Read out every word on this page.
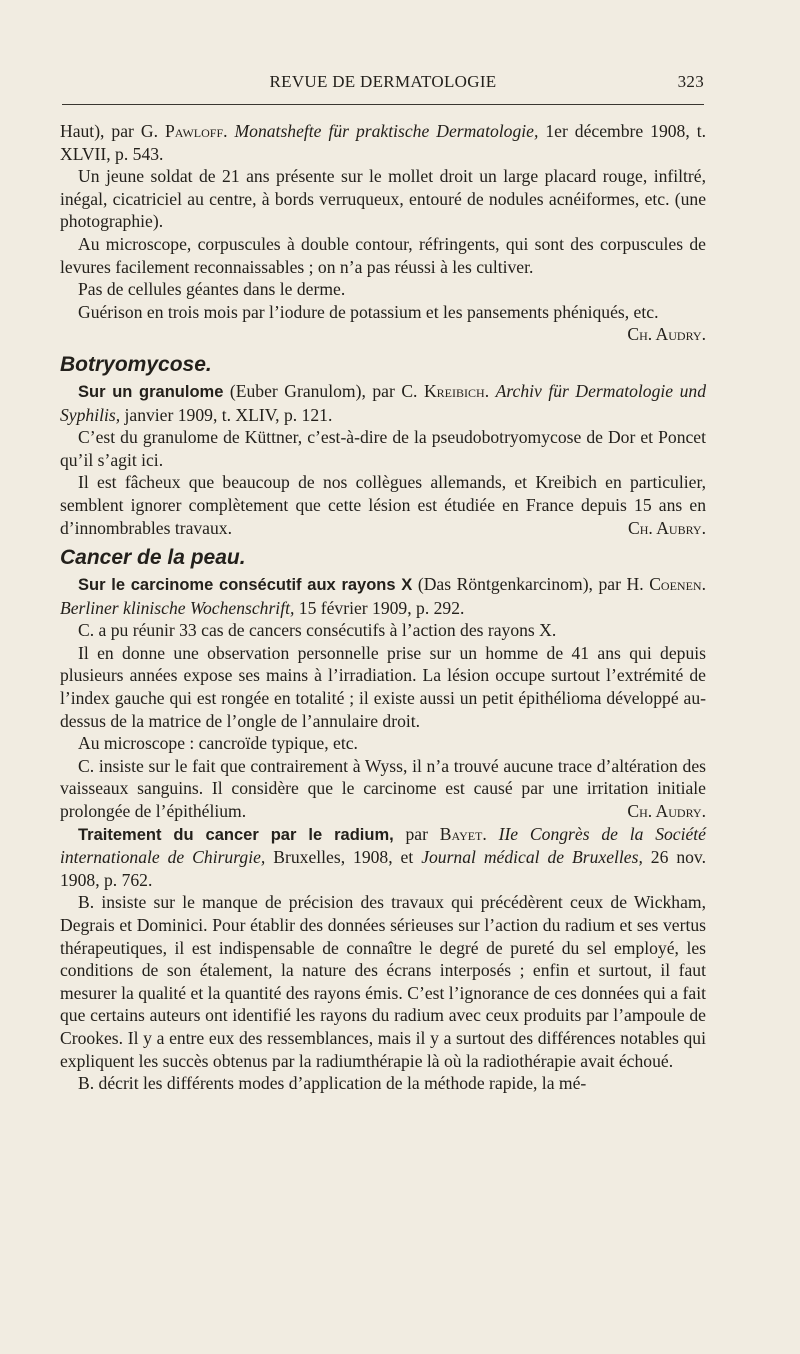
REVUE DE DERMATOLOGIE	323

Haut), par G. Pawloff. Monatshefte für praktische Dermatologie, 1er décembre 1908, t. XLVII, p. 543.

Un jeune soldat de 21 ans présente sur le mollet droit un large placard rouge, infiltré, inégal, cicatriciel au centre, à bords verruqueux, entouré de nodules acnéiformes, etc. (une photographie).

Au microscope, corpuscules à double contour, réfringents, qui sont des corpuscules de levures facilement reconnaissables ; on n’a pas réussi à les cultiver.

Pas de cellules géantes dans le derme.

Guérison en trois mois par l’iodure de potassium et les pansements phéniqués, etc.
Ch. Audry.

Botryomycose.

Sur un granulome (Euber Granulom), par C. Kreibich. Archiv für Dermatologie und Syphilis, janvier 1909, t. XLIV, p. 121.

C’est du granulome de Küttner, c’est-à-dire de la pseudobotryomycose de Dor et Poncet qu’il s’agit ici.

Il est fâcheux que beaucoup de nos collègues allemands, et Kreibich en particulier, semblent ignorer complètement que cette lésion est étudiée en France depuis 15 ans en d’innombrables travaux.	Ch. Aubry.

Cancer de la peau.

Sur le carcinome consécutif aux rayons X (Das Röntgenkarcinom), par H. Coenen. Berliner klinische Wochenschrift, 15 février 1909, p. 292.

C. a pu réunir 33 cas de cancers consécutifs à l’action des rayons X.

Il en donne une observation personnelle prise sur un homme de 41 ans qui depuis plusieurs années expose ses mains à l’irradiation. La lésion occupe surtout l’extrémité de l’index gauche qui est rongée en totalité ; il existe aussi un petit épithélioma développé au-dessus de la matrice de l’ongle de l’annulaire droit.

Au microscope : cancroïde typique, etc.

C. insiste sur le fait que contrairement à Wyss, il n’a trouvé aucune trace d’altération des vaisseaux sanguins. Il considère que le carcinome est causé par une irritation initiale prolongée de l’épithélium.	Ch. Audry.

Traitement du cancer par le radium, par Bayet. IIe Congrès de la Société internationale de Chirurgie, Bruxelles, 1908, et Journal médical de Bruxelles, 26 nov. 1908, p. 762.

B. insiste sur le manque de précision des travaux qui précédèrent ceux de Wickham, Degrais et Dominici. Pour établir des données sérieuses sur l’action du radium et ses vertus thérapeutiques, il est indispensable de connaître le degré de pureté du sel employé, les conditions de son étalement, la nature des écrans interposés ; enfin et surtout, il faut mesurer la qualité et la quantité des rayons émis. C’est l’ignorance de ces données qui a fait que certains auteurs ont identifié les rayons du radium avec ceux produits par l’ampoule de Crookes. Il y a entre eux des ressemblances, mais il y a surtout des différences notables qui expliquent les succès obtenus par la radiumthérapie là où la radiothérapie avait échoué.

B. décrit les différents modes d’application de la méthode rapide, la mé-
